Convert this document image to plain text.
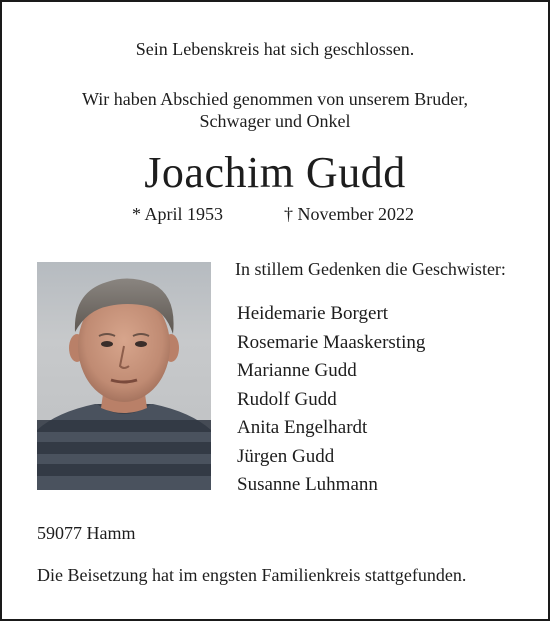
Sein Lebenskreis hat sich geschlossen.
Wir haben Abschied genommen von unserem Bruder,
Schwager und Onkel
Joachim Gudd
* April 1953	† November 2022
In stillem Gedenken die Geschwister:
Heidemarie Borgert
Rosemarie Maaskersting
Marianne Gudd
Rudolf Gudd
Anita Engelhardt
Jürgen Gudd
Susanne Luhmann
59077 Hamm
Die Beisetzung hat im engsten Familienkreis stattgefunden.
